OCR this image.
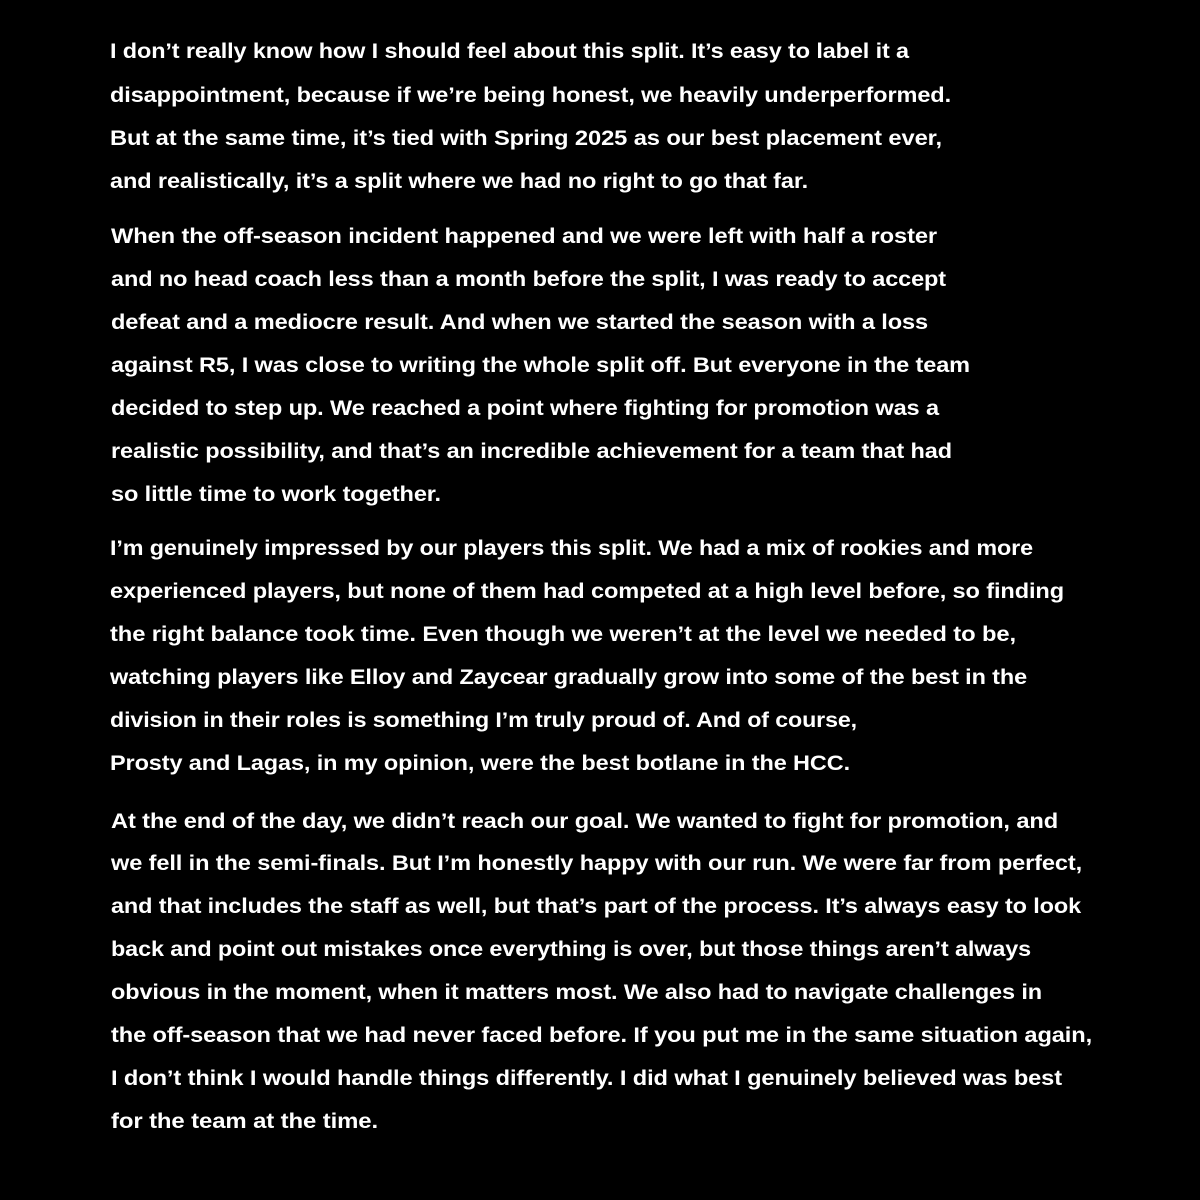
I don’t really know how I should feel about this split. It’s easy to label it a
disappointment, because if we’re being honest, we heavily underperformed.
But at the same time, it’s tied with Spring 2025 as our best placement ever,
and realistically, it’s a split where we had no right to go that far.
When the off-season incident happened and we were left with half a roster
and no head coach less than a month before the split, I was ready to accept
defeat and a mediocre result. And when we started the season with a loss
against R5, I was close to writing the whole split off. But everyone in the team
decided to step up. We reached a point where fighting for promotion was a
realistic possibility, and that’s an incredible achievement for a team that had
so little time to work together.
I’m genuinely impressed by our players this split. We had a mix of rookies and more
experienced players, but none of them had competed at a high level before, so finding
the right balance took time. Even though we weren’t at the level we needed to be,
watching players like Elloy and Zaycear gradually grow into some of the best in the
division in their roles is something I’m truly proud of. And of course,
Prosty and Lagas, in my opinion, were the best botlane in the HCC.
At the end of the day, we didn’t reach our goal. We wanted to fight for promotion, and
we fell in the semi-finals. But I’m honestly happy with our run. We were far from perfect,
and that includes the staff as well, but that’s part of the process. It’s always easy to look
back and point out mistakes once everything is over, but those things aren’t always
obvious in the moment, when it matters most. We also had to navigate challenges in
the off-season that we had never faced before. If you put me in the same situation again,
I don’t think I would handle things differently. I did what I genuinely believed was best
for the team at the time.
